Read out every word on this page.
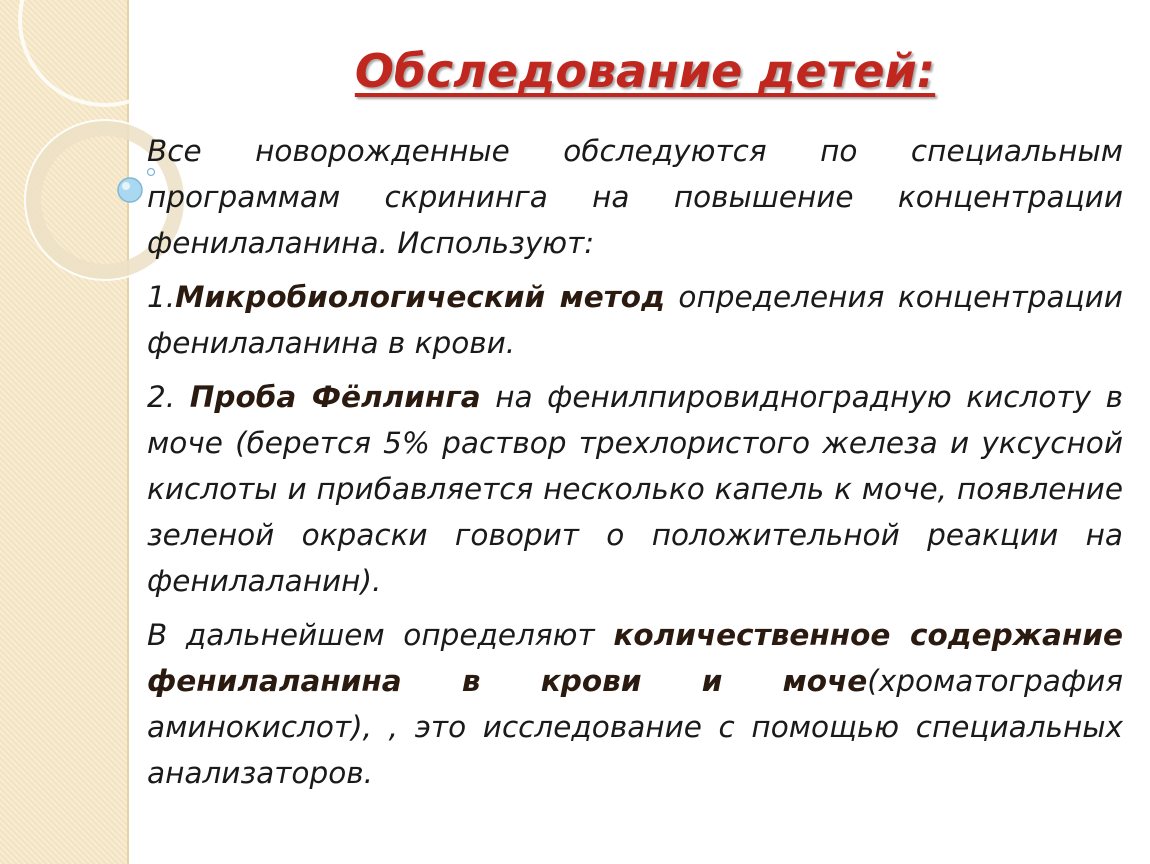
Обследование детей:

Все новорожденные обследуются по специальным программам скрининга на повышение концентрации фенилаланина. Используют:

1.Микробиологический метод определения концентрации фенилаланина в крови.

2. Проба Фёллинга на фенилпировидноградную кислоту в моче (берется 5% раствор трехлористого железа и уксусной кислоты и прибавляется несколько капель к моче, появление зеленой окраски говорит о положительной реакции на фенилаланин).

В дальнейшем определяют количественное содержание фенилаланина в крови и моче(хроматография аминокислот), , это исследование с помощью специальных анализаторов.
